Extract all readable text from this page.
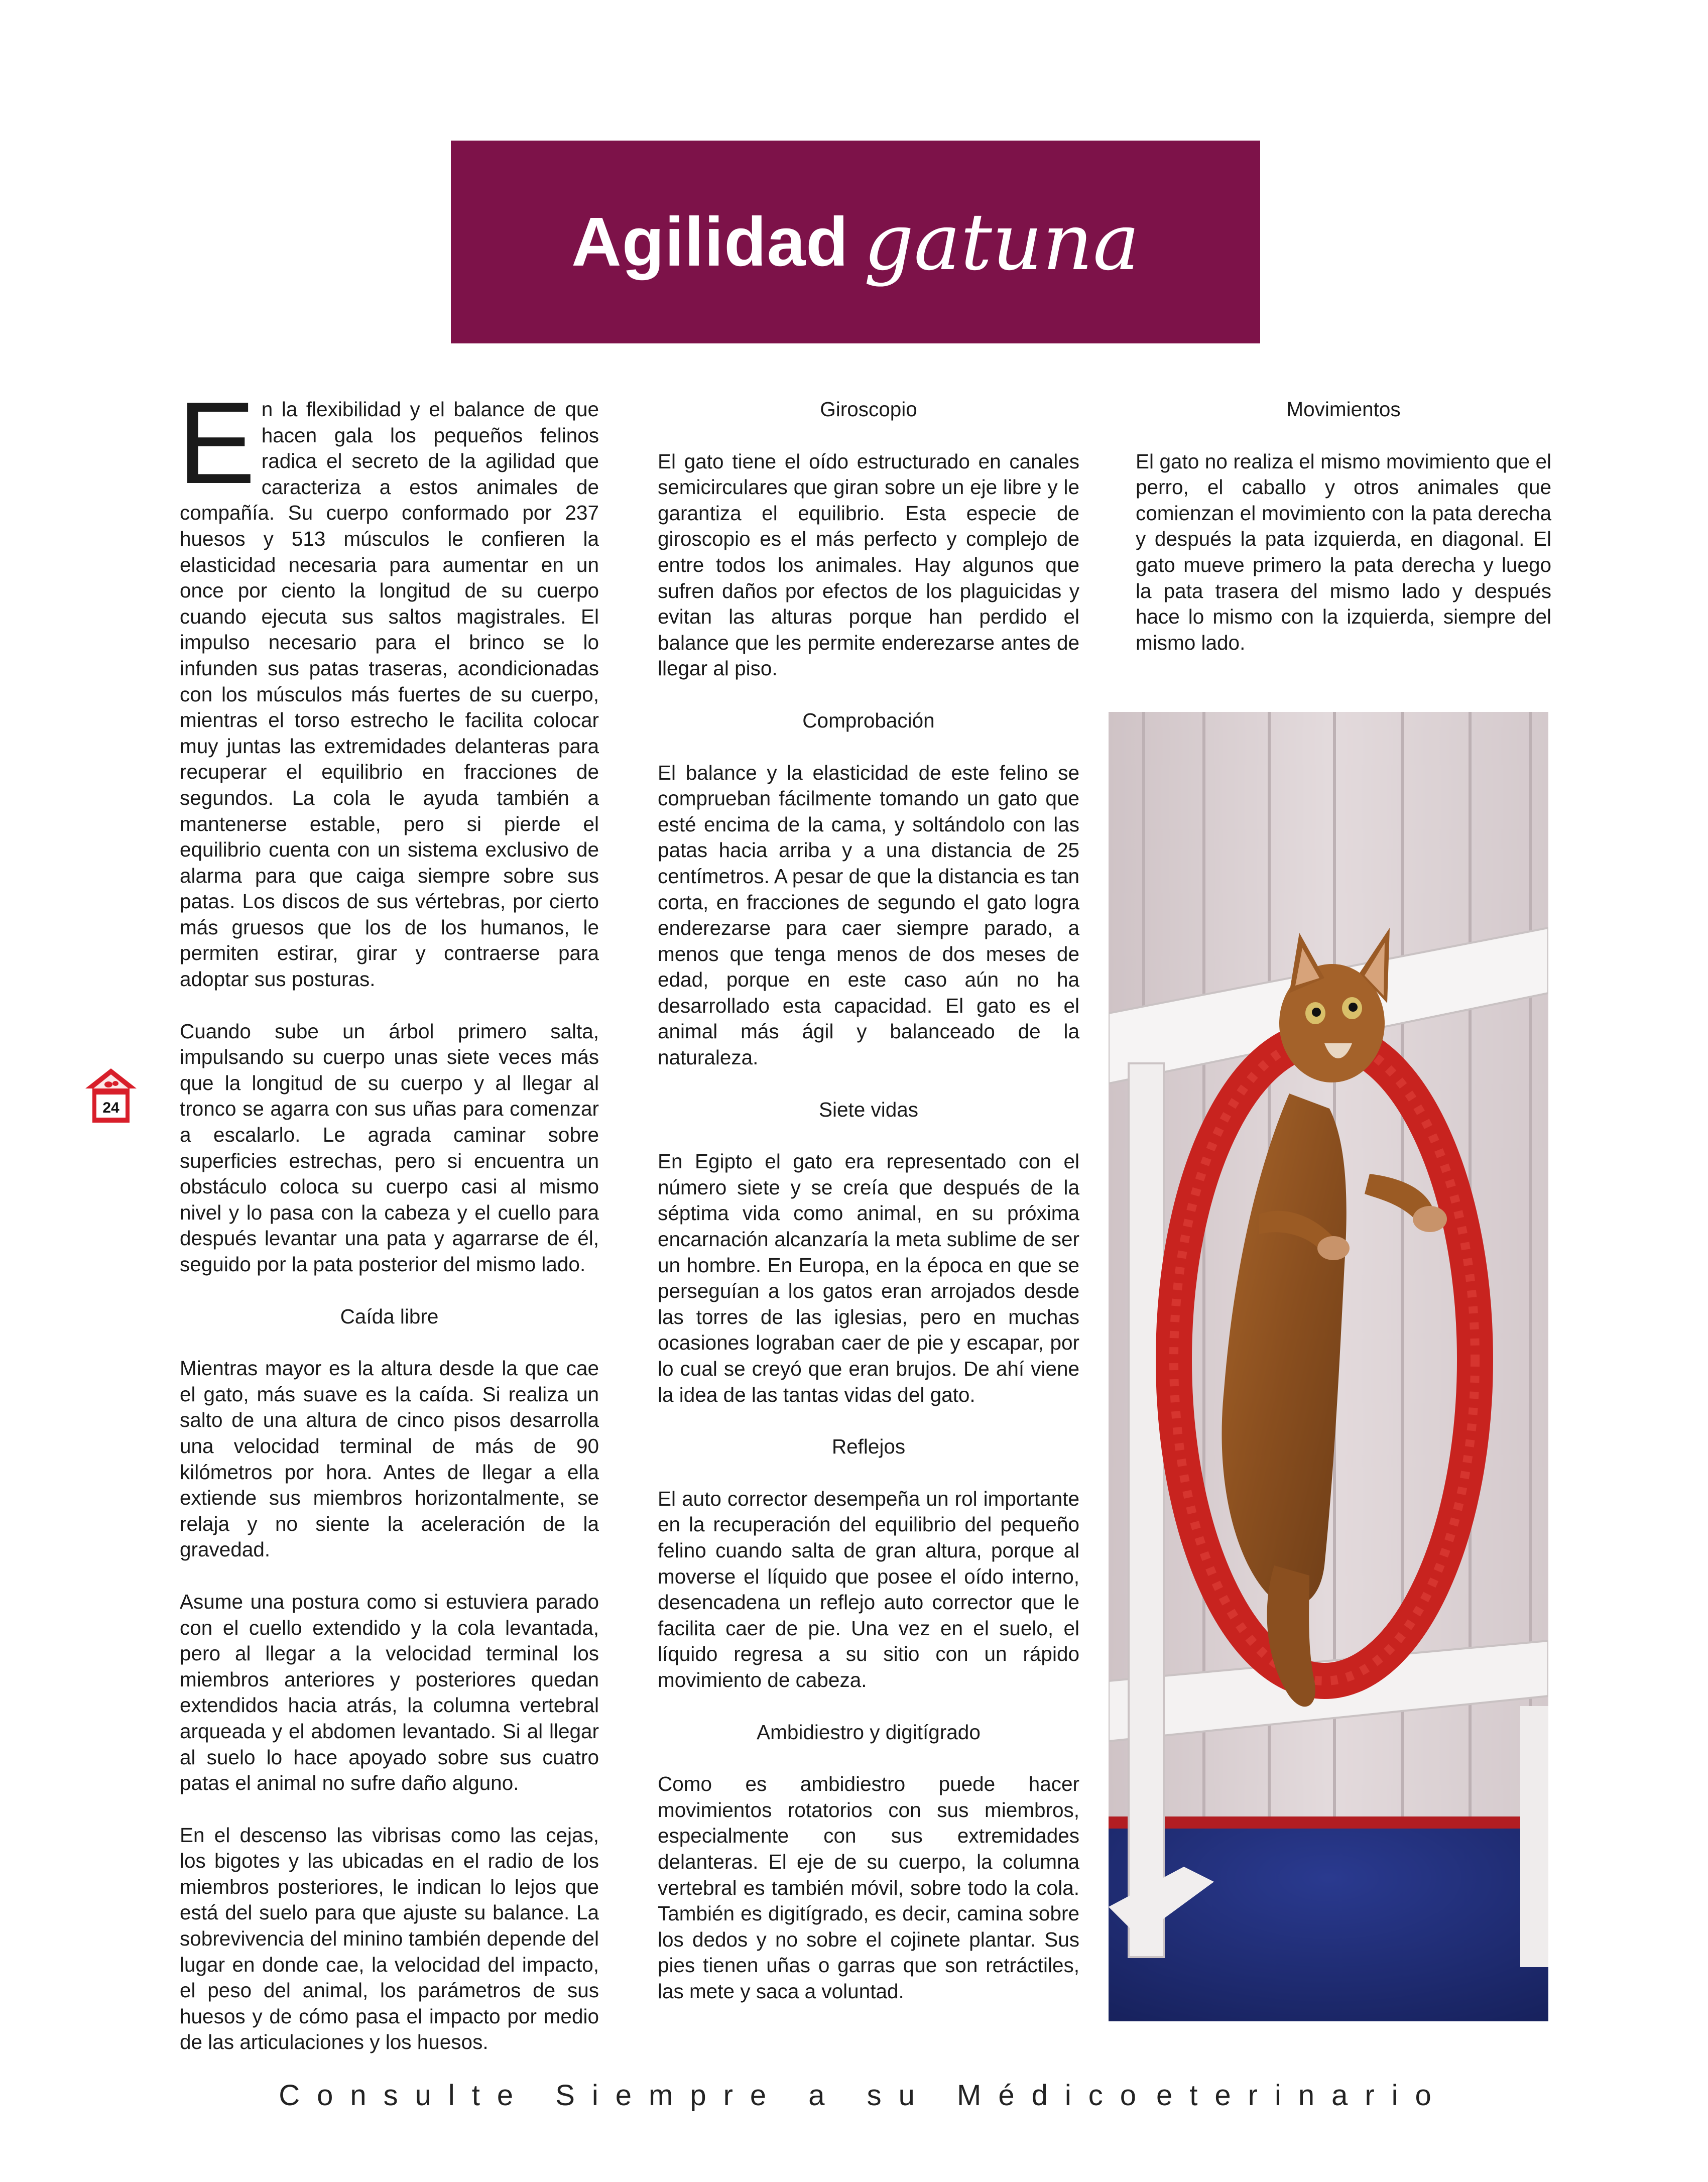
Agilidad gatuna

En la flexibilidad y el balance de que hacen gala los pequeños felinos radica el secreto de la agilidad que caracteriza a estos animales de compañía. Su cuerpo conformado por 237 huesos y 513 músculos le confieren la elasticidad necesaria para aumentar en un once por ciento la longitud de su cuerpo cuando ejecuta sus saltos magistrales. El impulso necesario para el brinco se lo infunden sus patas traseras, acondicionadas con los músculos más fuertes de su cuerpo, mientras el torso estrecho le facilita colocar muy juntas las extremidades delanteras para recuperar el equilibrio en fracciones de segundos. La cola le ayuda también a mantenerse estable, pero si pierde el equilibrio cuenta con un sistema exclusivo de alarma para que caiga siempre sobre sus patas. Los discos de sus vértebras, por cierto más gruesos que los de los humanos, le permiten estirar, girar y contraerse para adoptar sus posturas.

Cuando sube un árbol primero salta, impulsando su cuerpo unas siete veces más que la longitud de su cuerpo y al llegar al tronco se agarra con sus uñas para comenzar a escalarlo. Le agrada caminar sobre superficies estrechas, pero si encuentra un obstáculo coloca su cuerpo casi al mismo nivel y lo pasa con la cabeza y el cuello para después levantar una pata y agarrarse de él, seguido por la pata posterior del mismo lado.

Caída libre

Mientras mayor es la altura desde la que cae el gato, más suave es la caída. Si realiza un salto de una altura de cinco pisos desarrolla una velocidad terminal de más de 90 kilómetros por hora. Antes de llegar a ella extiende sus miembros horizontalmente, se relaja y no siente la aceleración de la gravedad.

Asume una postura como si estuviera parado con el cuello extendido y la cola levantada, pero al llegar a la velocidad terminal los miembros anteriores y posteriores quedan extendidos hacia atrás, la columna vertebral arqueada y el abdomen levantado. Si al llegar al suelo lo hace apoyado sobre sus cuatro patas el animal no sufre daño alguno.

En el descenso las vibrisas como las cejas, los bigotes y las ubicadas en el radio de los miembros posteriores, le indican lo lejos que está del suelo para que ajuste su balance. La sobrevivencia del minino también depende del lugar en donde cae, la velocidad del impacto, el peso del animal, los parámetros de sus huesos y de cómo pasa el impacto por medio de las articulaciones y los huesos.

Giroscopio

El gato tiene el oído estructurado en canales semicirculares que giran sobre un eje libre y le garantiza el equilibrio. Esta especie de giroscopio es el más perfecto y complejo de entre todos los animales. Hay algunos que sufren daños por efectos de los plaguicidas y evitan las alturas porque han perdido el balance que les permite enderezarse antes de llegar al piso.

Comprobación

El balance y la elasticidad de este felino se comprueban fácilmente tomando un gato que esté encima de la cama, y soltándolo con las patas hacia arriba y a una distancia de 25 centímetros. A pesar de que la distancia es tan corta, en fracciones de segundo el gato logra enderezarse para caer siempre parado, a menos que tenga menos de dos meses de edad, porque en este caso aún no ha desarrollado esta capacidad. El gato es el animal más ágil y balanceado de la naturaleza.

Siete vidas

En Egipto el gato era representado con el número siete y se creía que después de la séptima vida como animal, en su próxima encarnación alcanzaría la meta sublime de ser un hombre. En Europa, en la época en que se perseguían a los gatos eran arrojados desde las torres de las iglesias, pero en muchas ocasiones lograban caer de pie y escapar, por lo cual se creyó que eran brujos. De ahí viene la idea de las tantas vidas del gato.

Reflejos

El auto corrector desempeña un rol importante en la recuperación del equilibrio del pequeño felino cuando salta de gran altura, porque al moverse el líquido que posee el oído interno, desencadena un reflejo auto corrector que le facilita caer de pie. Una vez en el suelo, el líquido regresa a su sitio con un rápido movimiento de cabeza.

Ambidiestro y digitígrado

Como es ambidiestro puede hacer movimientos rotatorios con sus miembros, especialmente con sus extremidades delanteras. El eje de su cuerpo, la columna vertebral es también móvil, sobre todo la cola. También es digitígrado, es decir, camina sobre los dedos y no sobre el cojinete plantar. Sus pies tienen uñas o garras que son retráctiles, las mete y saca a voluntad.

Movimientos

El gato no realiza el mismo movimiento que el perro, el caballo y otros animales que comienzan el movimiento con la pata derecha y después la pata izquierda, en diagonal. El gato mueve primero la pata derecha y luego la pata trasera del mismo lado y después hace lo mismo con la izquierda, siempre del mismo lado.

24
Consulte Siempre a su Médico eterinario
